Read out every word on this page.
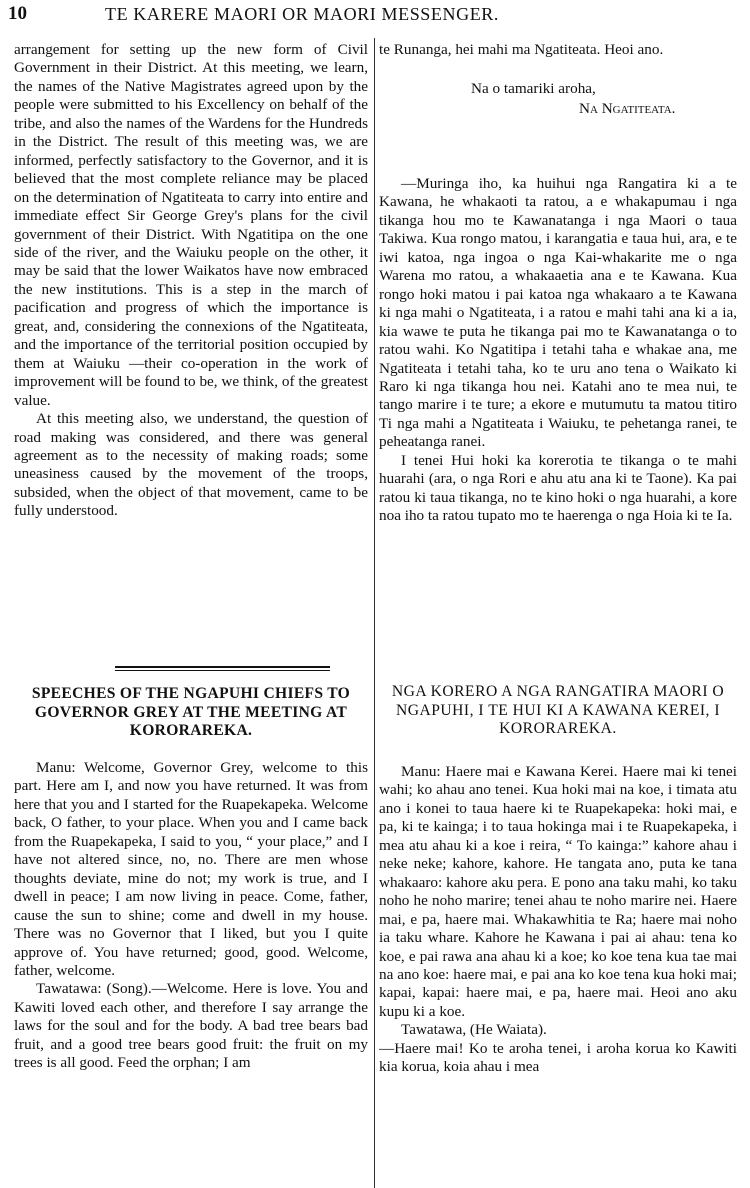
10	TE KARERE MAORI OR MAORI MESSENGER.

arrangement for setting up the new form of Civil Government in their District. At this meeting, we learn, the names of the Native Magistrates agreed upon by the people were submitted to his Excellency on behalf of the tribe, and also the names of the Wardens for the Hundreds in the District. The result of this meeting was, we are informed, perfectly satisfactory to the Governor, and it is believed that the most complete reliance may be placed on the determination of Ngatiteata to carry into entire and immediate effect Sir George Grey's plans for the civil government of their District. With Ngatitipa on the one side of the river, and the Waiuku people on the other, it may be said that the lower Waikatos have now embraced the new institutions. This is a step in the march of pacification and progress of which the importance is great, and, considering the connexions of the Ngatiteata, and the importance of the territorial position occupied by them at Waiuku —their co-operation in the work of improvement will be found to be, we think, of the greatest value.

At this meeting also, we understand, the question of road making was considered, and there was general agreement as to the necessity of making roads; some uneasiness caused by the movement of the troops, subsided, when the object of that movement, came to be fully understood.

SPEECHES OF THE NGAPUHI CHIEFS TO GOVERNOR GREY AT THE MEETING AT KORORAREKA.

Manu: Welcome, Governor Grey, welcome to this part. Here am I, and now you have returned. It was from here that you and I started for the Ruapekapeka. Welcome back, O father, to your place. When you and I came back from the Ruapekapeka, I said to you, “ your place,” and I have not altered since, no, no. There are men whose thoughts deviate, mine do not; my work is true, and I dwell in peace; I am now living in peace. Come, father, cause the sun to shine; come and dwell in my house. There was no Governor that I liked, but you I quite approve of. You have returned; good, good. Welcome, father, welcome.

Tawatawa: (Song).—Welcome. Here is love. You and Kawiti loved each other, and therefore I say arrange the laws for the soul and for the body. A bad tree bears bad fruit, and a good tree bears good fruit: the fruit on my trees is all good. Feed the orphan; I am

te Runanga, hei mahi ma Ngatiteata. Heoi ano.

Na o tamariki aroha,
Na Ngatiteata.

—Muringa iho, ka huihui nga Rangatira ki a te Kawana, he whakaoti ta ratou, a e whakapumau i nga tikanga hou mo te Kawanatanga i nga Maori o taua Takiwa. Kua rongo matou, i karangatia e taua hui, ara, e te iwi katoa, nga ingoa o nga Kai-whakarite me o nga Warena mo ratou, a whakaaetia ana e te Kawana. Kua rongo hoki matou i pai katoa nga whakaaro a te Kawana ki nga mahi o Ngatiteata, i a ratou e mahi tahi ana ki a ia, kia wawe te puta he tikanga pai mo te Kawanatanga o to ratou wahi. Ko Ngatitipa i tetahi taha e whakae ana, me Ngatiteata i tetahi taha, ko te uru ano tena o Waikato ki Raro ki nga tikanga hou nei. Katahi ano te mea nui, te tango marire i te ture; a ekore e mutumutu ta matou titiro Ti nga mahi a Ngatiteata i Waiuku, te pehetanga ranei, te peheatanga ranei.

I tenei Hui hoki ka korerotia te tikanga o te mahi huarahi (ara, o nga Rori e ahu atu ana ki te Taone). Ka pai ratou ki taua tikanga, no te kino hoki o nga huarahi, a kore noa iho ta ratou tupato mo te haerenga o nga Hoia ki te Ia.

NGA KORERO A NGA RANGATIRA MAORI O NGAPUHI, I TE HUI KI A KAWANA KEREI, I KORORAREKA.

Manu: Haere mai e Kawana Kerei. Haere mai ki tenei wahi; ko ahau ano tenei. Kua hoki mai na koe, i timata atu ano i konei to taua haere ki te Ruapekapeka: hoki mai, e pa, ki te kainga; i to taua hokinga mai i te Ruapekapeka, i mea atu ahau ki a koe i reira, “ To kainga:” kahore ahau i neke neke; kahore, kahore. He tangata ano, puta ke tana whakaaro: kahore aku pera. E pono ana taku mahi, ko taku noho he noho marire; tenei ahau te noho marire nei. Haere mai, e pa, haere mai. Whakawhitia te Ra; haere mai noho ia taku whare. Kahore he Kawana i pai ai ahau: tena ko koe, e pai rawa ana ahau ki a koe; ko koe tena kua tae mai na ano koe: haere mai, e pai ana ko koe tena kua hoki mai; kapai, kapai: haere mai, e pa, haere mai. Heoi ano aku kupu ki a koe.

Tawatawa, (He Waiata).

—Haere mai! Ko te aroha tenei, i aroha korua ko Kawiti kia korua, koia ahau i mea
